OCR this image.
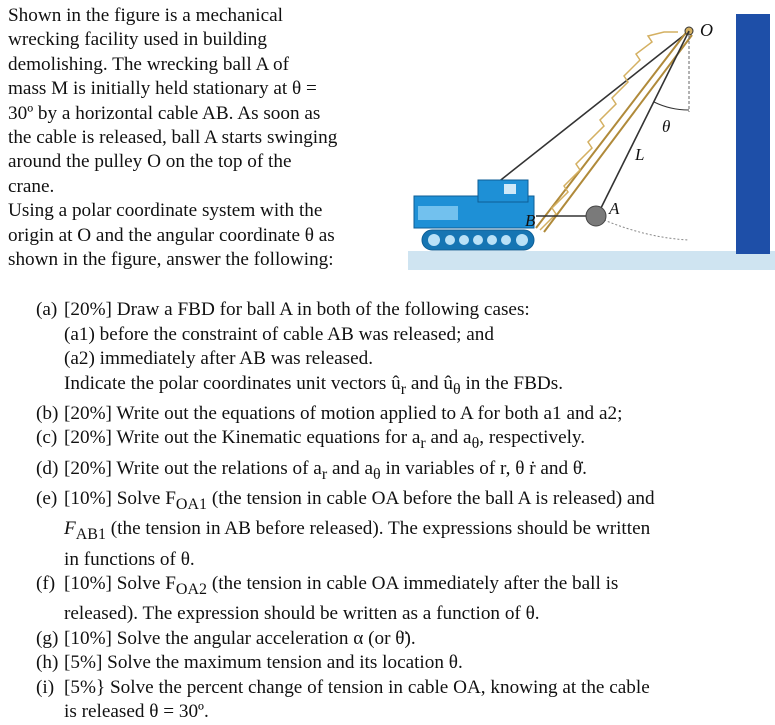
Shown in the figure is a mechanical
wrecking facility used in building
demolishing. The wrecking ball A of
mass M is initially held stationary at θ =
30º by a horizontal cable AB. As soon as
the cable is released, ball A starts swinging
around the pulley O on the top of the
crane.
Using a polar coordinate system with the
origin at O and the angular coordinate θ as
shown in the figure, answer the following:
O
θ
L
A
B
(a) [20%] Draw a FBD for ball A in both of the following cases:
(a1) before the constraint of cable AB was released; and
(a2) immediately after AB was released.
Indicate the polar coordinates unit vectors $û_r$ and $û_\theta$ in the FBDs.
(b) [20%] Write out the equations of motion applied to A for both a1 and a2;
(c) [20%] Write out the Kinematic equations for $a_r$ and $a_\theta$, respectively.
(d) [20%] Write out the relations of $a_r$ and $a_\theta$ in variables of r, θ ṙ and θ̇.
(e) [10%] Solve $F_{OA1}$ (the tension in cable OA before the ball A is released) and
$F_{AB1}$ (the tension in AB before released). The expressions should be written
in functions of θ.
(f) [10%] Solve $F_{OA2}$ (the tension in cable OA immediately after the ball is
released). The expression should be written as a function of θ.
(g) [10%] Solve the angular acceleration α (or θ̈).
(h) [5%] Solve the maximum tension and its location θ.
(i) [5%} Solve the percent change of tension in cable OA, knowing at the cable
is released θ = 30º.
